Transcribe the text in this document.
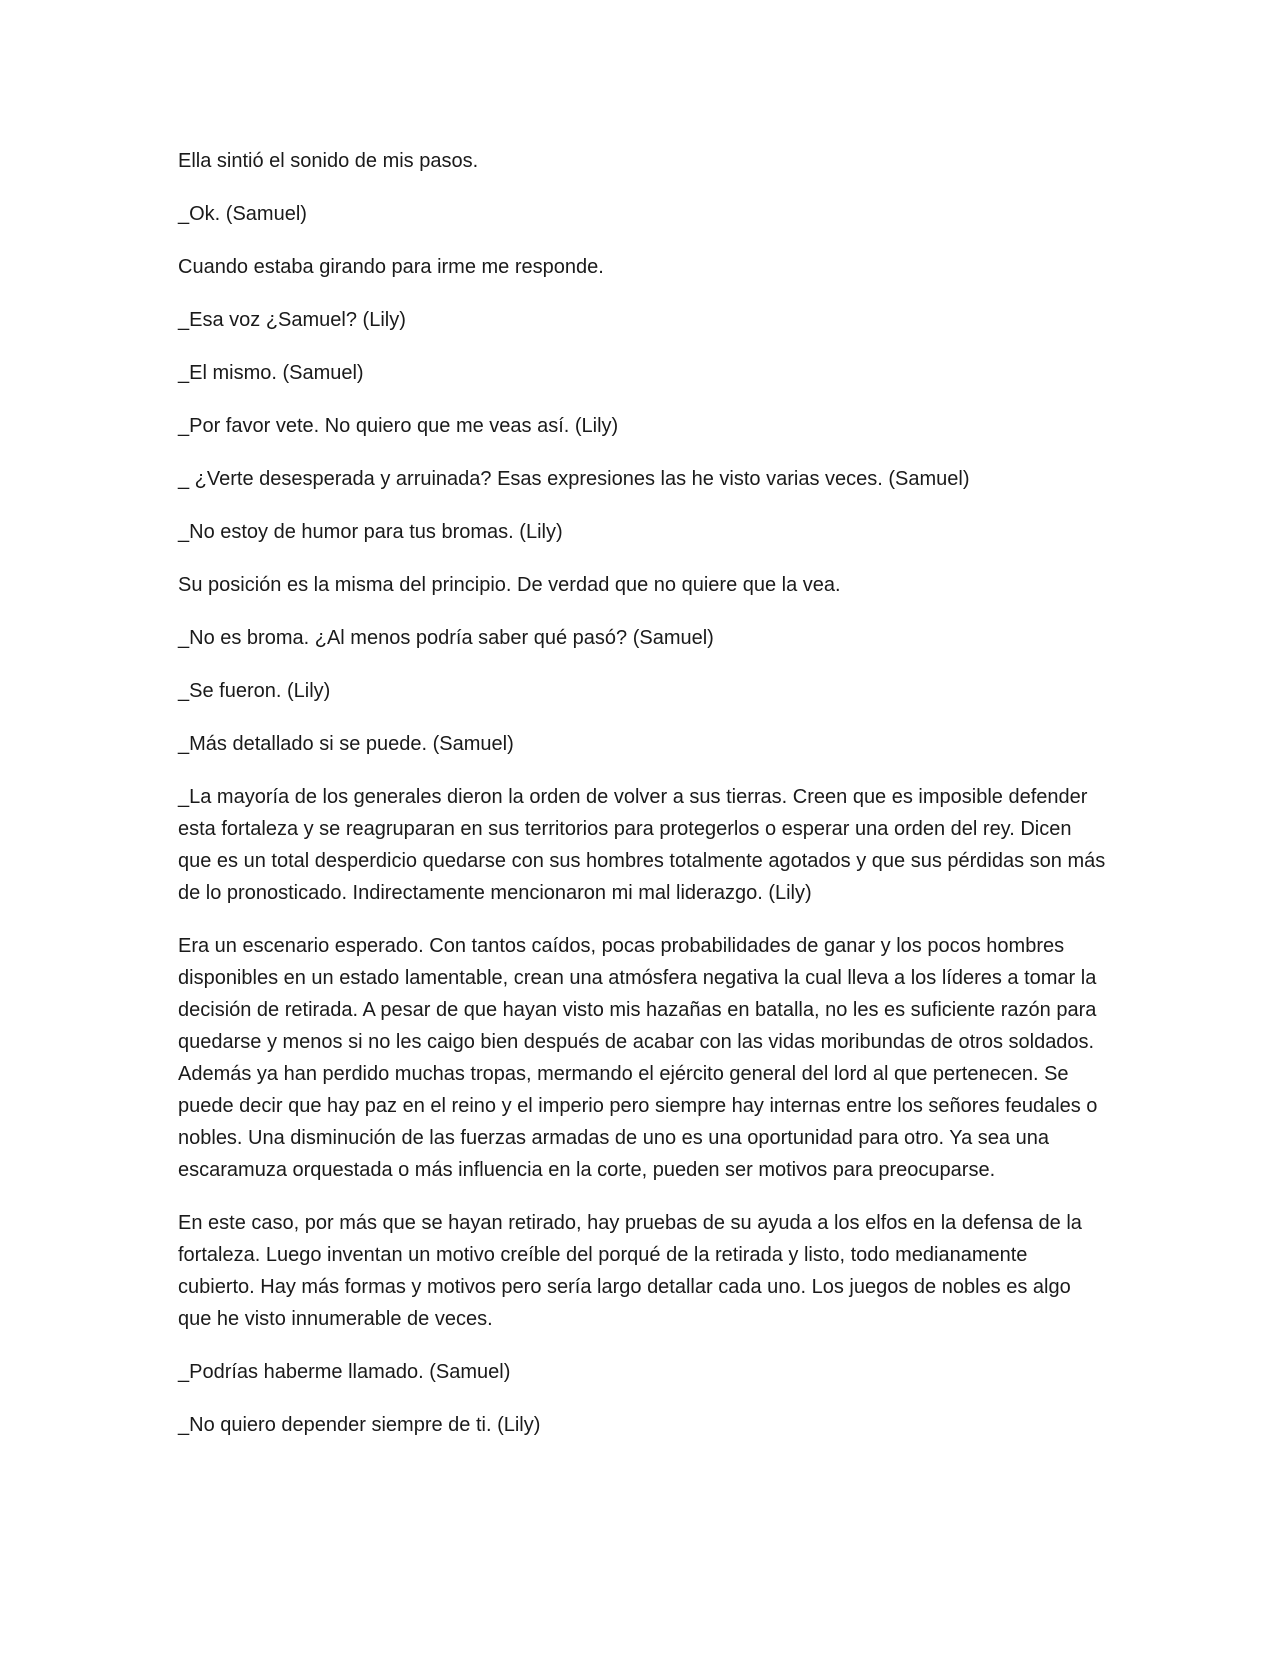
Ella sintió el sonido de mis pasos.

_Ok. (Samuel)

Cuando estaba girando para irme me responde.

_Esa voz ¿Samuel? (Lily)

_El mismo. (Samuel)

_Por favor vete. No quiero que me veas así. (Lily)

_ ¿Verte desesperada y arruinada? Esas expresiones las he visto varias veces. (Samuel)

_No estoy de humor para tus bromas. (Lily)

Su posición es la misma del principio. De verdad que no quiere que la vea.

_No es broma. ¿Al menos podría saber qué pasó? (Samuel)

_Se fueron. (Lily)

_Más detallado si se puede. (Samuel)

_La mayoría de los generales dieron la orden de volver a sus tierras. Creen que es imposible defender esta fortaleza y se reagruparan en sus territorios para protegerlos o esperar una orden del rey. Dicen que es un total desperdicio quedarse con sus hombres totalmente agotados y que sus pérdidas son más de lo pronosticado. Indirectamente mencionaron mi mal liderazgo. (Lily)

Era un escenario esperado. Con tantos caídos, pocas probabilidades de ganar y los pocos hombres disponibles en un estado lamentable, crean una atmósfera negativa la cual lleva a los líderes a tomar la decisión de retirada. A pesar de que hayan visto mis hazañas en batalla, no les es suficiente razón para quedarse y menos si no les caigo bien después de acabar con las vidas moribundas de otros soldados. Además ya han perdido muchas tropas, mermando el ejército general del lord al que pertenecen. Se puede decir que hay paz en el reino y el imperio pero siempre hay internas entre los señores feudales o nobles. Una disminución de las fuerzas armadas de uno es una oportunidad para otro. Ya sea una escaramuza orquestada o más influencia en la corte, pueden ser motivos para preocuparse.

En este caso, por más que se hayan retirado, hay pruebas de su ayuda a los elfos en la defensa de la fortaleza. Luego inventan un motivo creíble del porqué de la retirada y listo, todo medianamente cubierto. Hay más formas y motivos pero sería largo detallar cada uno. Los juegos de nobles es algo que he visto innumerable de veces.

_Podrías haberme llamado. (Samuel)

_No quiero depender siempre de ti. (Lily)
